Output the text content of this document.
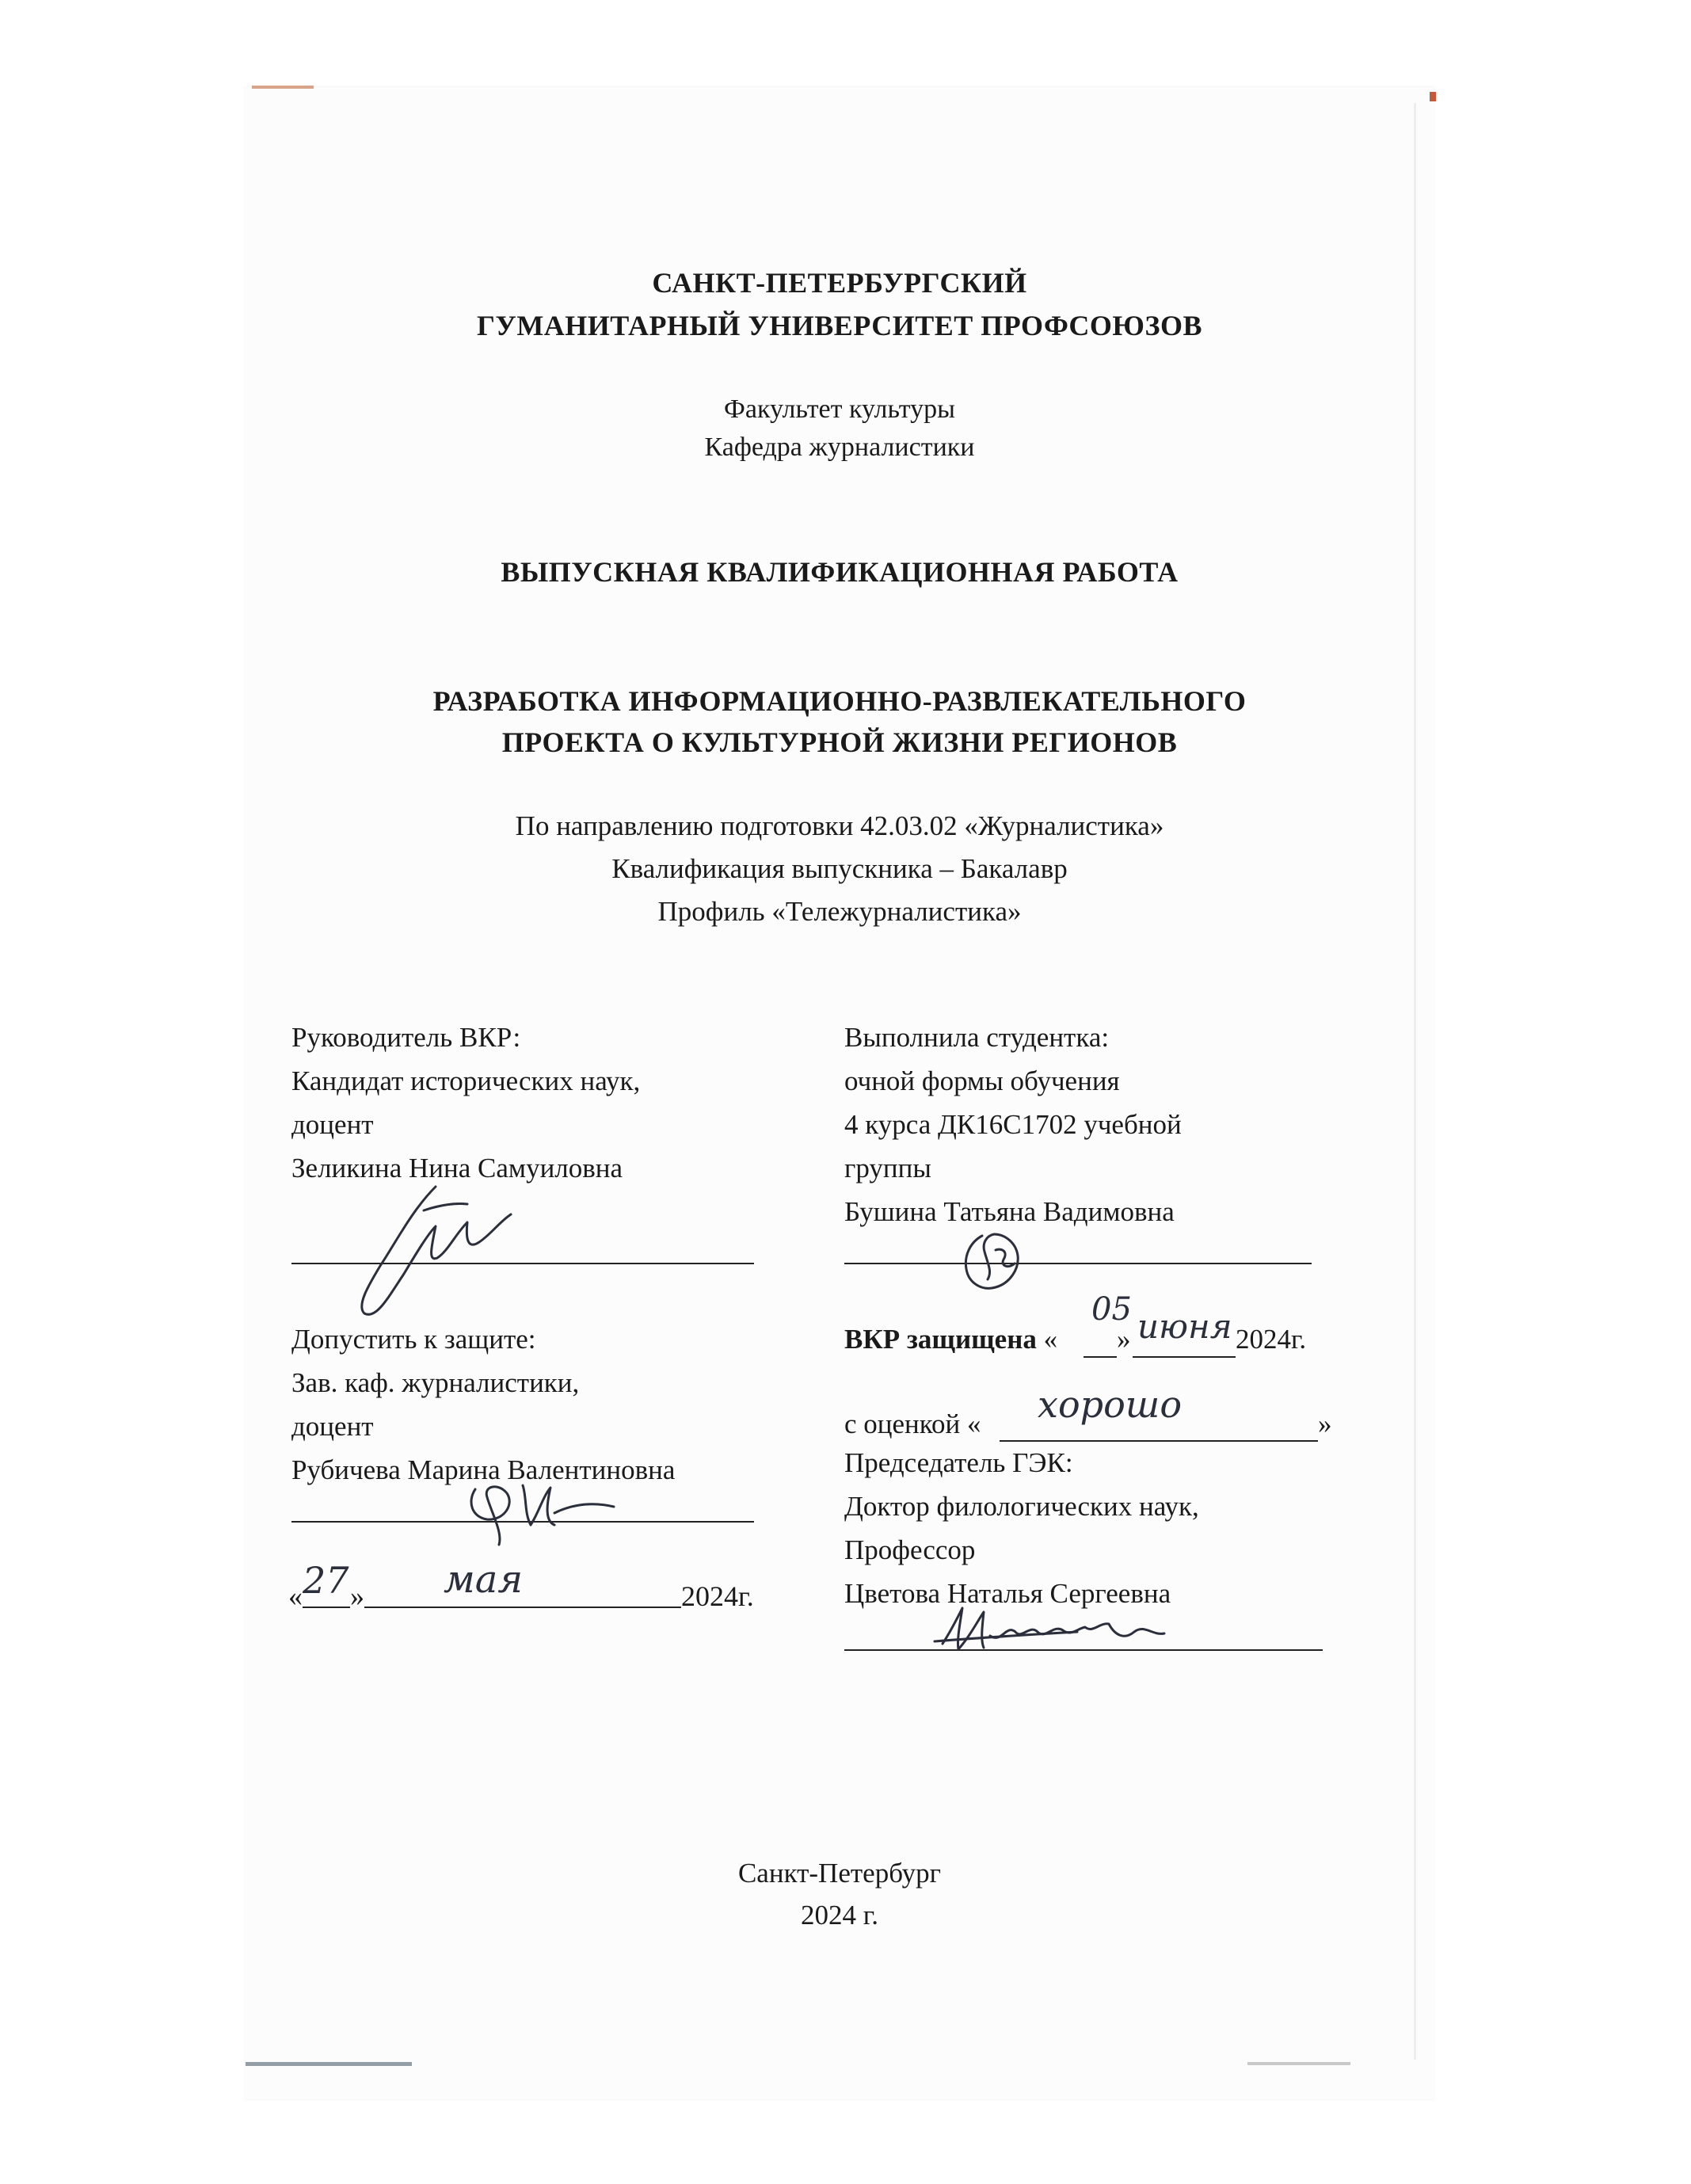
САНКТ-ПЕТЕРБУРГСКИЙ
ГУМАНИТАРНЫЙ УНИВЕРСИТЕТ ПРОФСОЮЗОВ
Факультет культуры
Кафедра журналистики
ВЫПУСКНАЯ КВАЛИФИКАЦИОННАЯ РАБОТА
РАЗРАБОТКА ИНФОРМАЦИОННО-РАЗВЛЕКАТЕЛЬНОГО
ПРОЕКТА О КУЛЬТУРНОЙ ЖИЗНИ РЕГИОНОВ
По направлению подготовки 42.03.02 «Журналистика»
Квалификация выпускника – Бакалавр
Профиль «Тележурналистика»
Руководитель ВКР:
Кандидат исторических наук,
доцент
Зеликина Нина Самуиловна
Выполнила студентка:
очной формы обучения
4 курса ДК16С1702 учебной
группы
Бушина Татьяна Вадимовна
Допустить к защите:
Зав. каф. журналистики,
доцент
Рубичева Марина Валентиновна
« 27 » мая	2024г.
ВКР защищена «
05
» июня 2024г.
с оценкой « хорошо	»
Председатель ГЭК:
Доктор филологических наук,
Профессор
Цветова Наталья Сергеевна
Санкт-Петербург
2024 г.
